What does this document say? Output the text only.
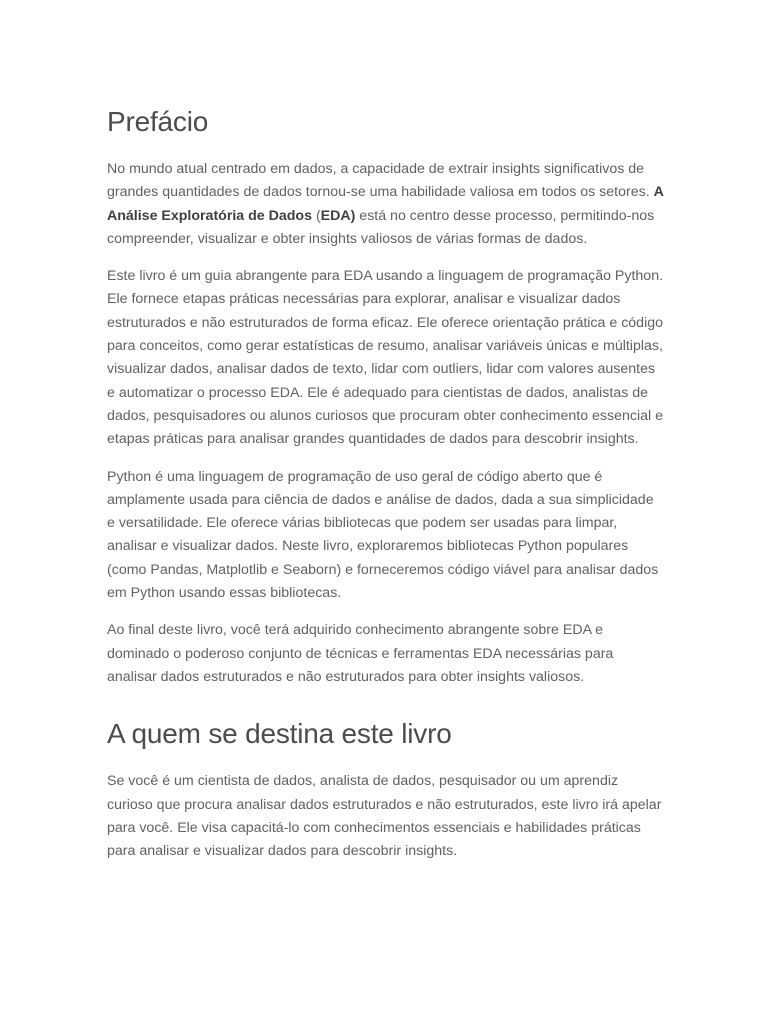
Prefácio

No mundo atual centrado em dados, a capacidade de extrair insights significativos de grandes quantidades de dados tornou-se uma habilidade valiosa em todos os setores. A Análise Exploratória de Dados (EDA) está no centro desse processo, permitindo-nos compreender, visualizar e obter insights valiosos de várias formas de dados.

Este livro é um guia abrangente para EDA usando a linguagem de programação Python. Ele fornece etapas práticas necessárias para explorar, analisar e visualizar dados estruturados e não estruturados de forma eficaz. Ele oferece orientação prática e código para conceitos, como gerar estatísticas de resumo, analisar variáveis únicas e múltiplas, visualizar dados, analisar dados de texto, lidar com outliers, lidar com valores ausentes e automatizar o processo EDA. Ele é adequado para cientistas de dados, analistas de dados, pesquisadores ou alunos curiosos que procuram obter conhecimento essencial e etapas práticas para analisar grandes quantidades de dados para descobrir insights.

Python é uma linguagem de programação de uso geral de código aberto que é amplamente usada para ciência de dados e análise de dados, dada a sua simplicidade e versatilidade. Ele oferece várias bibliotecas que podem ser usadas para limpar, analisar e visualizar dados. Neste livro, exploraremos bibliotecas Python populares (como Pandas, Matplotlib e Seaborn) e forneceremos código viável para analisar dados em Python usando essas bibliotecas.

Ao final deste livro, você terá adquirido conhecimento abrangente sobre EDA e dominado o poderoso conjunto de técnicas e ferramentas EDA necessárias para analisar dados estruturados e não estruturados para obter insights valiosos.

A quem se destina este livro

Se você é um cientista de dados, analista de dados, pesquisador ou um aprendiz curioso que procura analisar dados estruturados e não estruturados, este livro irá apelar para você. Ele visa capacitá-lo com conhecimentos essenciais e habilidades práticas para analisar e visualizar dados para descobrir insights.
